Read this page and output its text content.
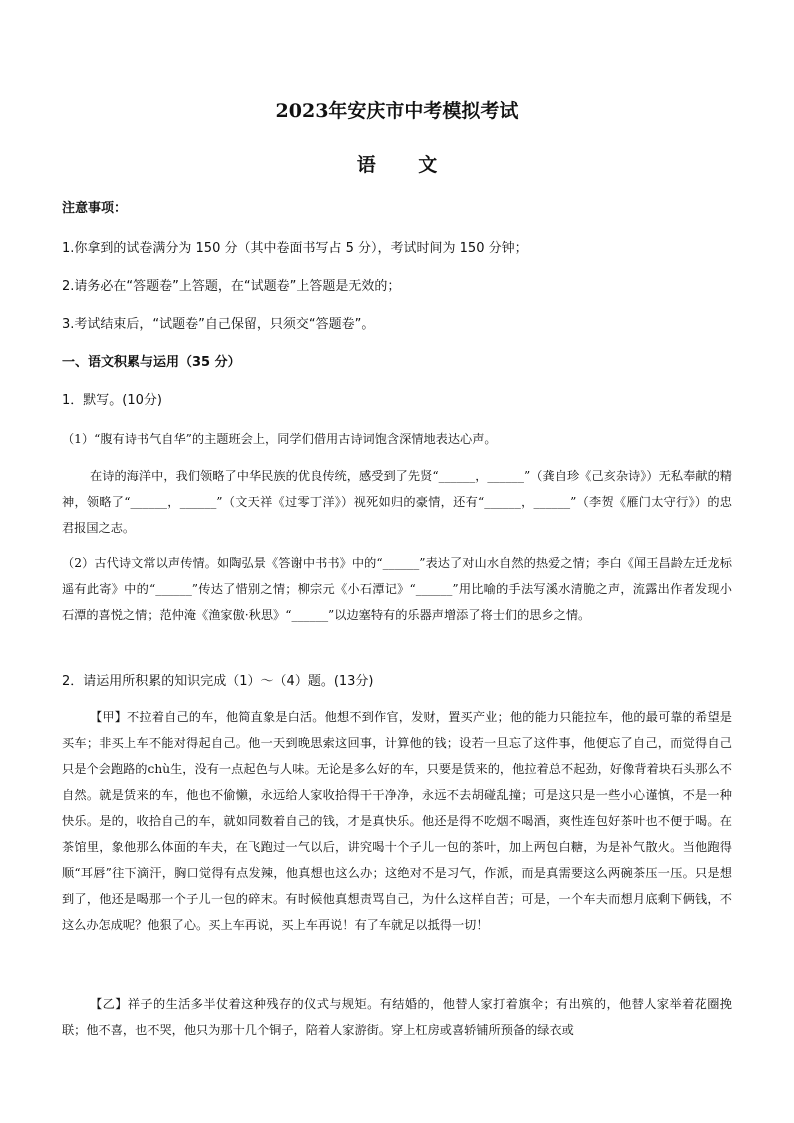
2023年安庆市中考模拟考试
语 文
注意事项：
1.你拿到的试卷满分为 150 分（其中卷面书写占 5 分），考试时间为 150 分钟；
2.请务必在“答题卷”上答题，在“试题卷”上答题是无效的；
3.考试结束后，“试题卷”自己保留，只须交“答题卷”。
一、语文积累与运用（35 分）
1．默写。(10分)

（1）“腹有诗书气自华”的主题班会上，同学们借用古诗词饱含深情地表达心声。

在诗的海洋中，我们领略了中华民族的优良传统，感受到了先贤“______，______”（龚自珍《己亥杂诗》）无私奉献的精神，领略了“______，______”（文天祥《过零丁洋》）视死如归的豪情，还有“______，______”（李贺《雁门太守行》）的忠君报国之志。

（2）古代诗文常以声传情。如陶弘景《答谢中书书》中的“______”表达了对山水自然的热爱之情；李白《闻王昌龄左迁龙标遥有此寄》中的“______”传达了惜别之情；柳宗元《小石潭记》“______”用比喻的手法写溪水清脆之声，流露出作者发现小石潭的喜悦之情；范仲淹《渔家傲·秋思》“______”以边塞特有的乐器声增添了将士们的思乡之情。

2．请运用所积累的知识完成（1）～（4）题。(13分)

【甲】不拉着自己的车，他简直象是白活。他想不到作官，发财，置买产业；他的能力只能拉车，他的最可靠的希望是买车；非买上车不能对得起自己。他一天到晚思索这回事，计算他的钱；设若一旦忘了这件事，他便忘了自己，而觉得自己只是个会跑路的chù生，没有一点起色与人味。无论是多么好的车，只要是赁来的，他拉着总不起劲，好像背着块石头那么不自然。就是赁来的车，他也不偷懒，永远给人家收拾得干干净净，永远不去胡碰乱撞；可是这只是一些小心谨慎，不是一种快乐。是的，收拾自己的车，就如同数着自己的钱，才是真快乐。他还是得不吃烟不喝酒，爽性连包好茶叶也不便于喝。在茶馆里，象他那么体面的车夫，在飞跑过一气以后，讲究喝十个子儿一包的茶叶，加上两包白糖，为是补气散火。当他跑得顺“耳唇”往下滴汗，胸口觉得有点发辣，他真想也这么办；这绝对不是习气，作派，而是真需要这么两碗茶压一压。只是想到了，他还是喝那一个子儿一包的碎末。有时候他真想责骂自己，为什么这样自苦；可是，一个车夫而想月底剩下俩钱，不这么办怎成呢？他狠了心。买上车再说，买上车再说！有了车就足以抵得一切！

【乙】祥子的生活多半仗着这种残存的仪式与规矩。有结婚的，他替人家打着旗伞；有出殡的，他替人家举着花圈挽联；他不喜，也不哭，他只为那十几个铜子，陪着人家游街。穿上杠房或喜轿铺所预备的绿衣或
